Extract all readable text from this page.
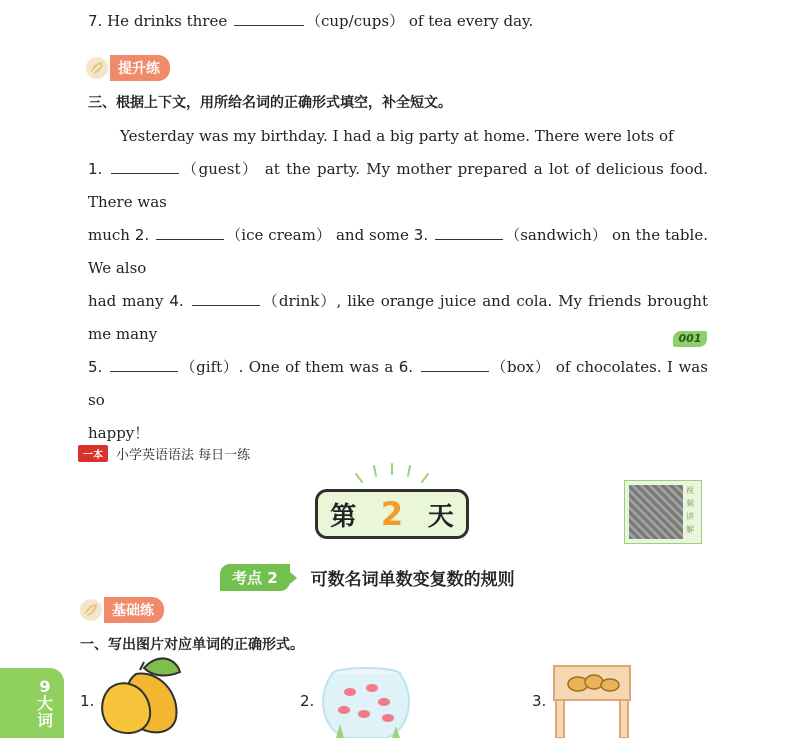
7. He drinks three	（cup/cups） of tea every day.
提升练
三、根据上下文，用所给名词的正确形式填空，补全短文。
Yesterday was my birthday. I had a big party at home. There were lots of
1.	（guest） at the party. My mother prepared a lot of delicious food. There was
much 2.	（ice cream） and some 3.	（sandwich） on the table. We also
had many 4.	（drink）, like orange juice and cola. My friends brought me many
5.	（gift）. One of them was a 6.	（box） of chocolates. I was so
happy！
001
一本	小学英语语法 每日一练
第 2 天
视频讲解
考点 2	可数名词单数变复数的规则
基础练
一、写出图片对应单词的正确形式。
1.	2.	3.
9
大
词
